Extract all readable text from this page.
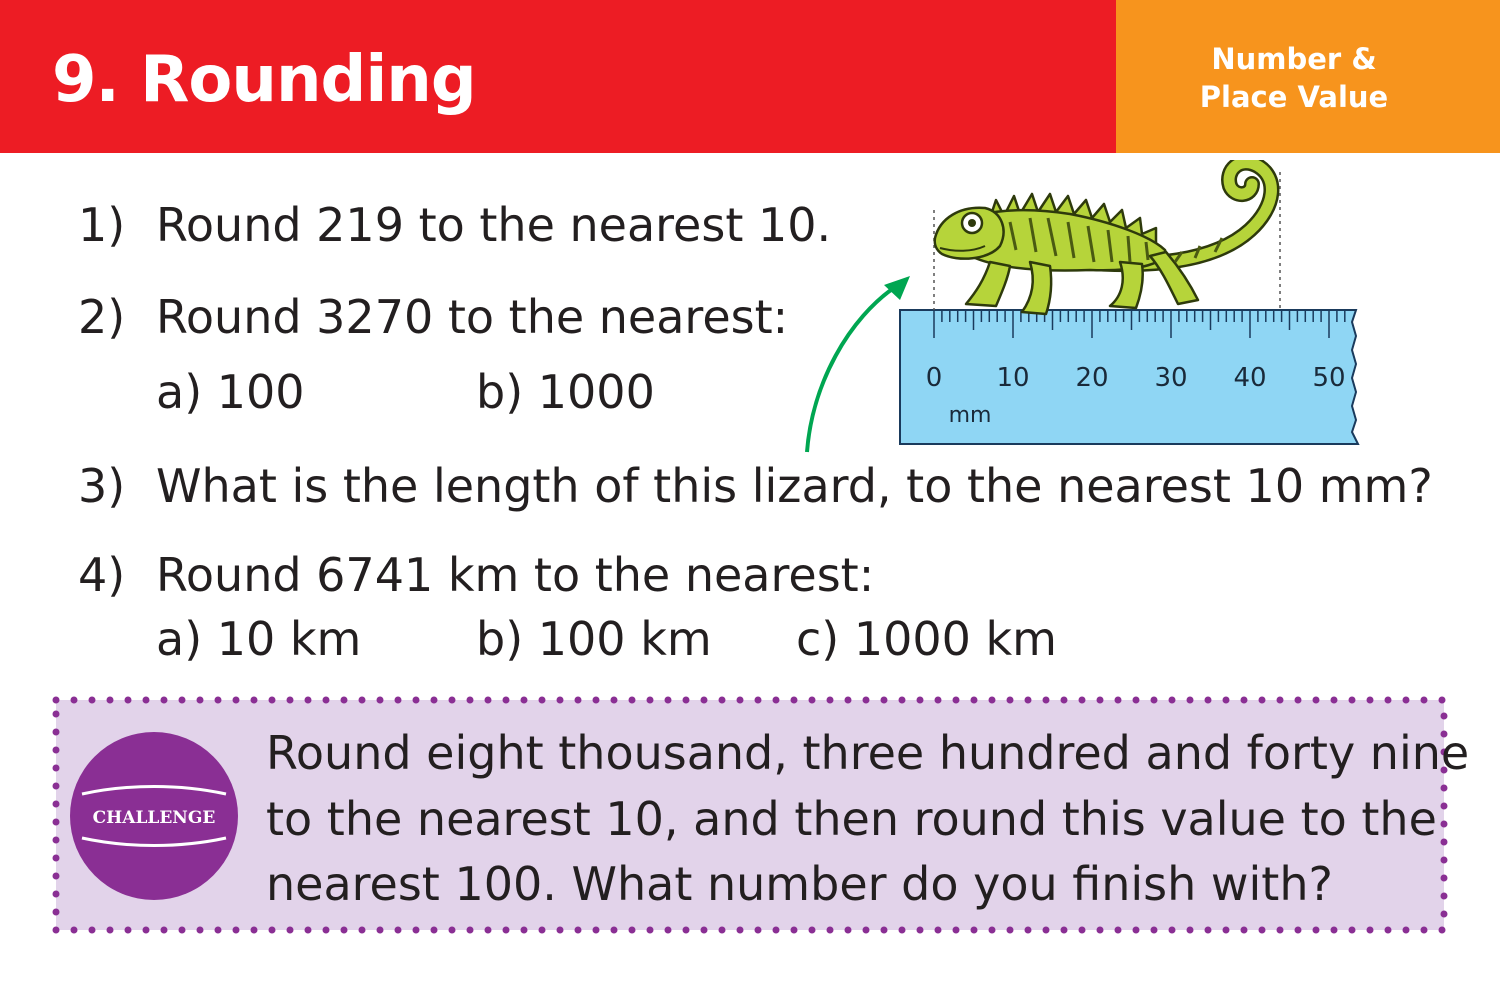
9. Rounding	Number &
Place Value
1) Round 219 to the nearest 10.
2) Round 3270 to the nearest:
a) 100	b) 1000
3) What is the length of this lizard, to the nearest 10 mm?
4) Round 6741 km to the nearest:
a) 10 km b) 100 km c) 1000 km
0 10 20 30 40 50
mm
CHALLENGE
Round eight thousand, three hundred and forty nine
to the nearest 10, and then round this value to the
nearest 100. What number do you finish with?
